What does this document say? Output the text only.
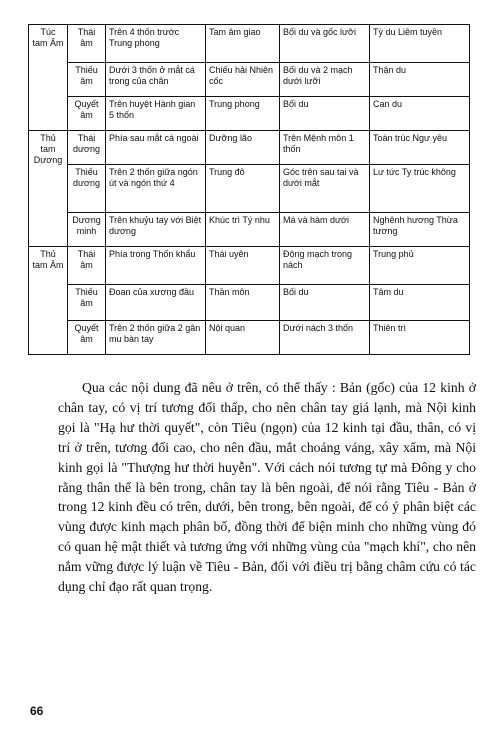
Túc tam Âm	Thái âm	Trên 4 thốn trước Trung phong	Tam âm giao	Bối du và gốc lưỡi	Tỳ du Liêm tuyền
	Thiếu âm	Dưới 3 thốn ở mắt cá trong của chân	Chiếu hải Nhiên cốc	Bối du và 2 mạch dưới lưỡi	Thận du
	Quyết âm	Trên huyệt Hành gian 5 thốn	Trung phong	Bối du	Can du
Thủ tam Dương	Thái dương	Phía sau mắt cá ngoài	Dưỡng lão	Trên Mệnh môn 1 thốn	Toàn trúc Ngư yêu
	Thiếu dương	Trên 2 thốn giữa ngón út và ngón thứ 4	Trung đô	Góc trên sau tai và dưới mắt	Lư tức Ty trúc không
	Dương minh	Trên khuỷu tay với Biệt dương	Khúc trì Tý nhu	Má và hàm dưới	Nghênh hương Thừa tương
Thủ tam Âm	Thái âm	Phía trong Thốn khẩu	Thái uyên	Động mạch trong nách	Trung phủ
	Thiếu âm	Đoan của xương đầu	Thần môn	Bối du	Tâm du
	Quyết âm	Trên 2 thốn giữa 2 gân mu bàn tay	Nội quan	Dưới nách 3 thốn	Thiên trì

Qua các nội dung đã nêu ở trên, có thể thấy : Bản (gốc) của 12 kinh ở chân tay, có vị trí tương đối thấp, cho nên chân tay giá lạnh, mà Nội kinh gọi là "Hạ hư thời quyết", còn Tiêu (ngọn) của 12 kinh tại đầu, thân, có vị trí ở trên, tương đối cao, cho nên đầu, mắt choáng váng, xây xẩm, mà Nội kinh gọi là "Thượng hư thời huyễn". Với cách nói tương tự mà Đông y cho rằng thân thể là bên trong, chân tay là bên ngoài, để nói rằng Tiêu - Bản ở trong 12 kinh đều có trên, dưới, bên trong, bên ngoài, để có ý phân biệt các vùng được kinh mạch phân bố, đồng thời để biện minh cho những vùng đó có quan hệ mật thiết và tương ứng với những vùng của "mạch khí", cho nên nắm vững được lý luận về Tiêu - Bản, đối với điều trị bằng châm cứu có tác dụng chỉ đạo rất quan trọng.

66
